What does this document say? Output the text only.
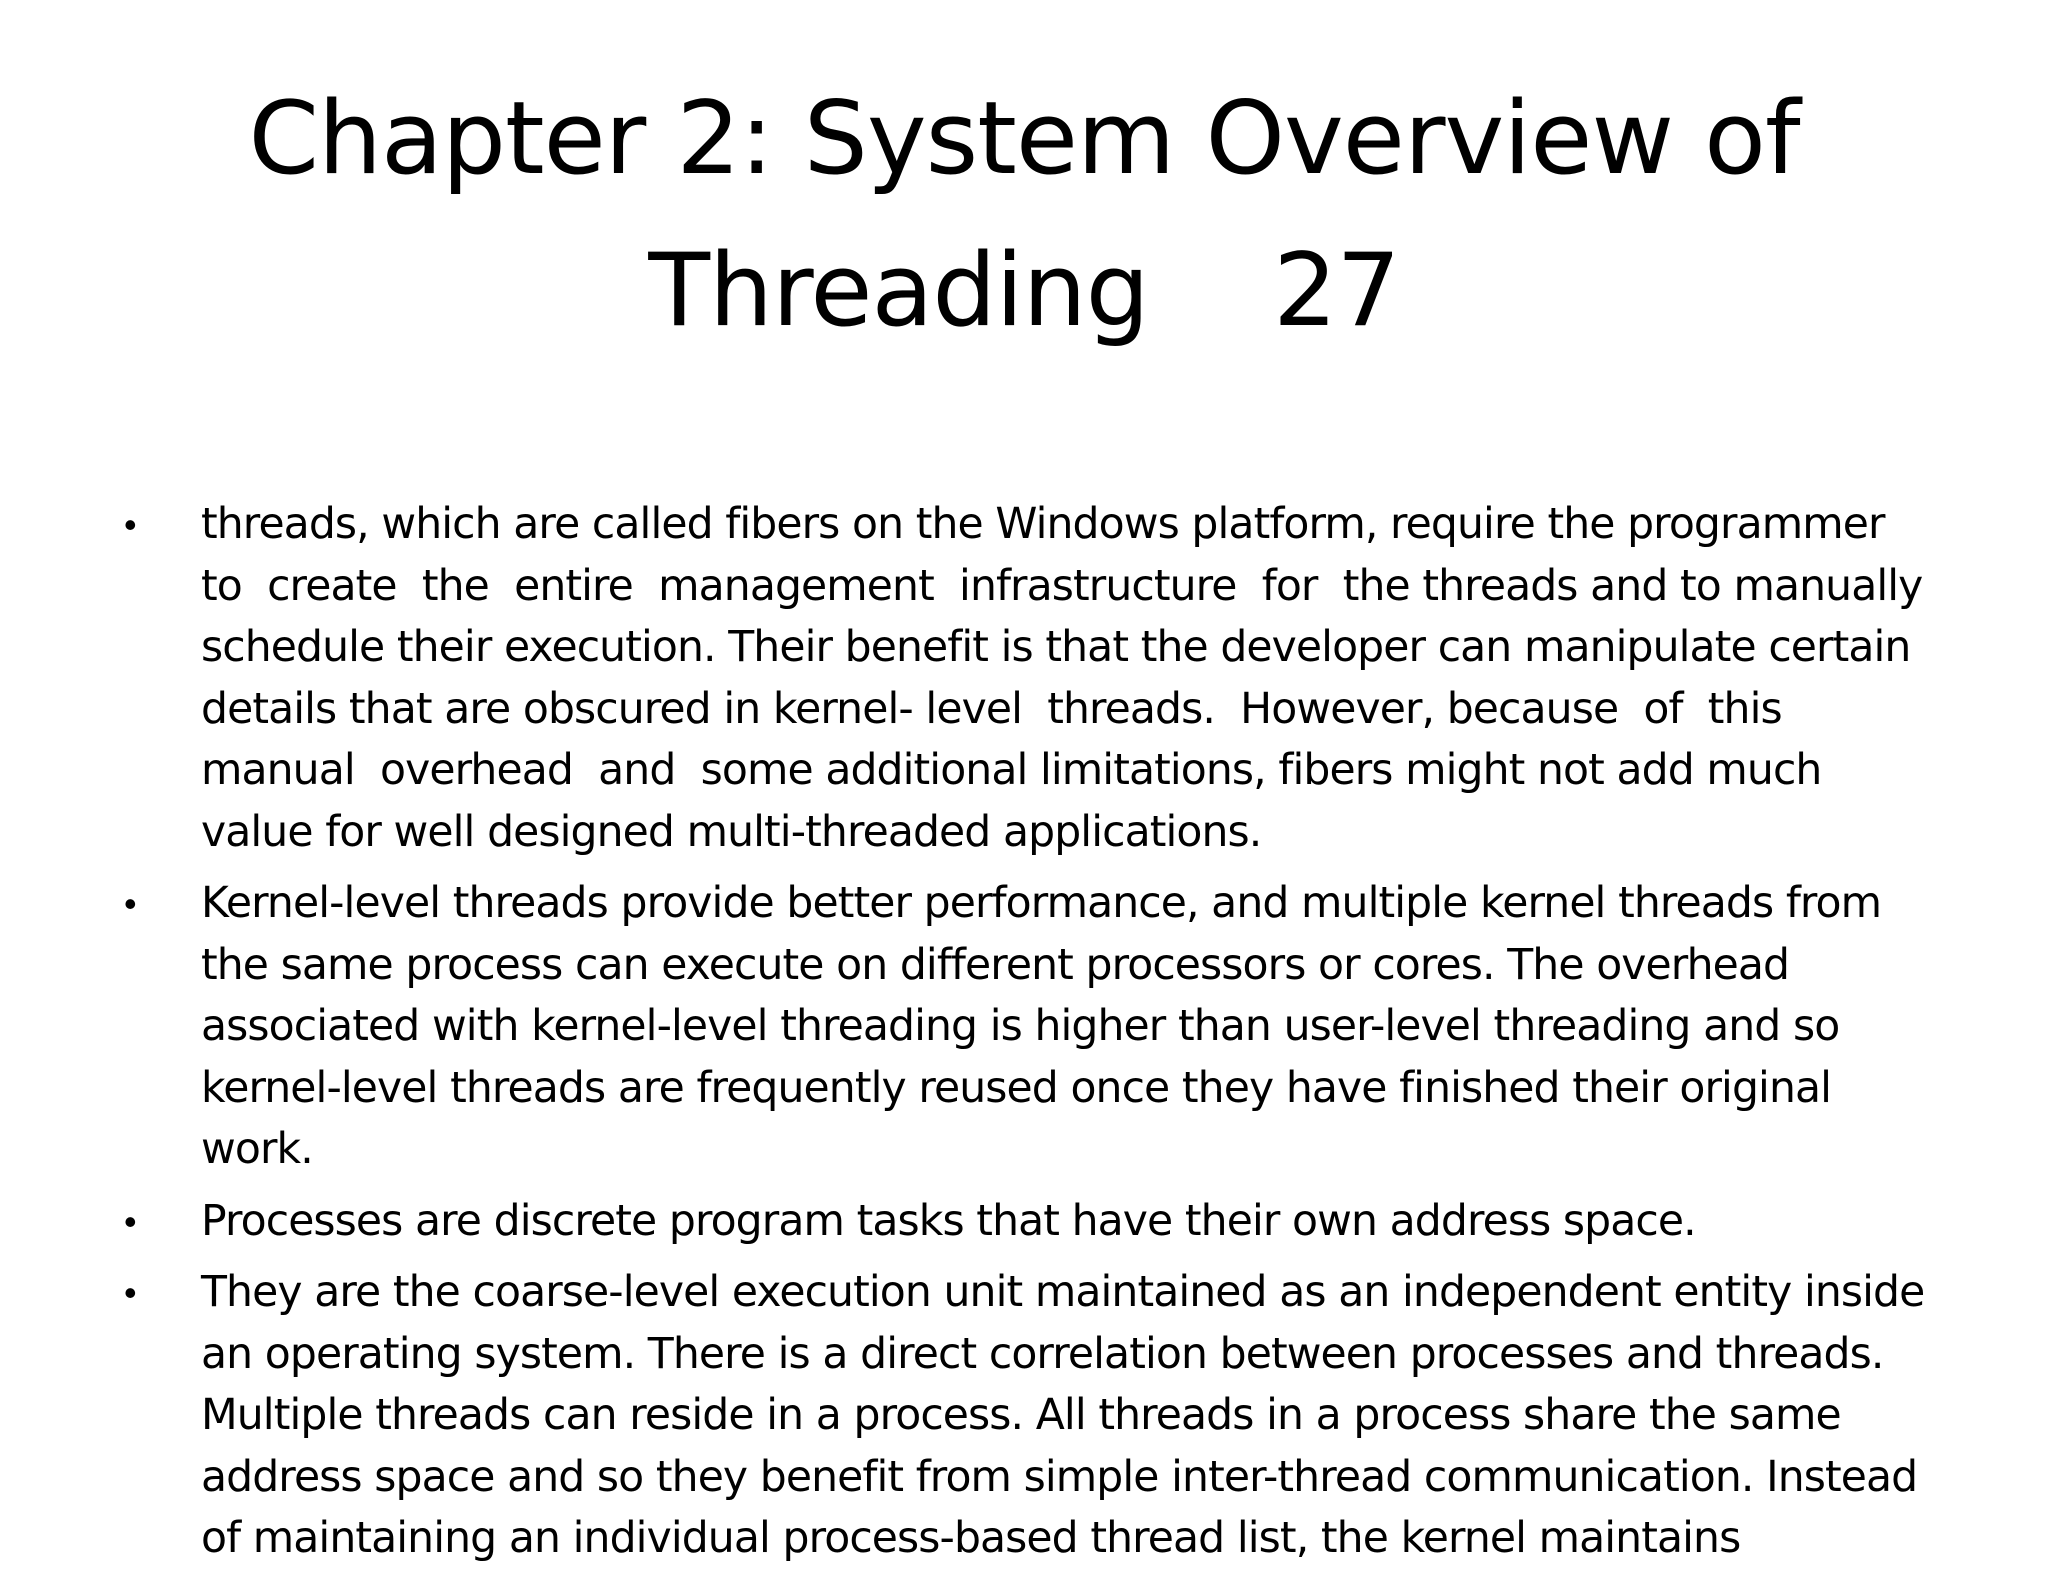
Chapter 2: System Overview of Threading    27
• threads, which are called fibers on the Windows platform, require the programmer  to  create  the  entire  management  infrastructure  for  the threads and to manually schedule their execution. Their benefit is that the developer can manipulate certain details that are obscured in kernel- level  threads.  However, because  of  this  manual  overhead  and  some additional limitations, fibers might not add much value for well designed multi-threaded applications.
• Kernel-level threads provide better performance, and multiple kernel threads from the same process can execute on different processors or cores. The overhead associated with kernel-level threading is higher than user-level threading and so kernel-level threads are frequently reused once they have finished their original work.
• Processes are discrete program tasks that have their own address space.
• They are the coarse-level execution unit maintained as an independent entity inside an operating system. There is a direct correlation between processes and threads. Multiple threads can reside in a process. All threads in a process share the same address space and so they benefit from simple inter-thread communication. Instead of maintaining an individual process-based thread list, the kernel maintains
